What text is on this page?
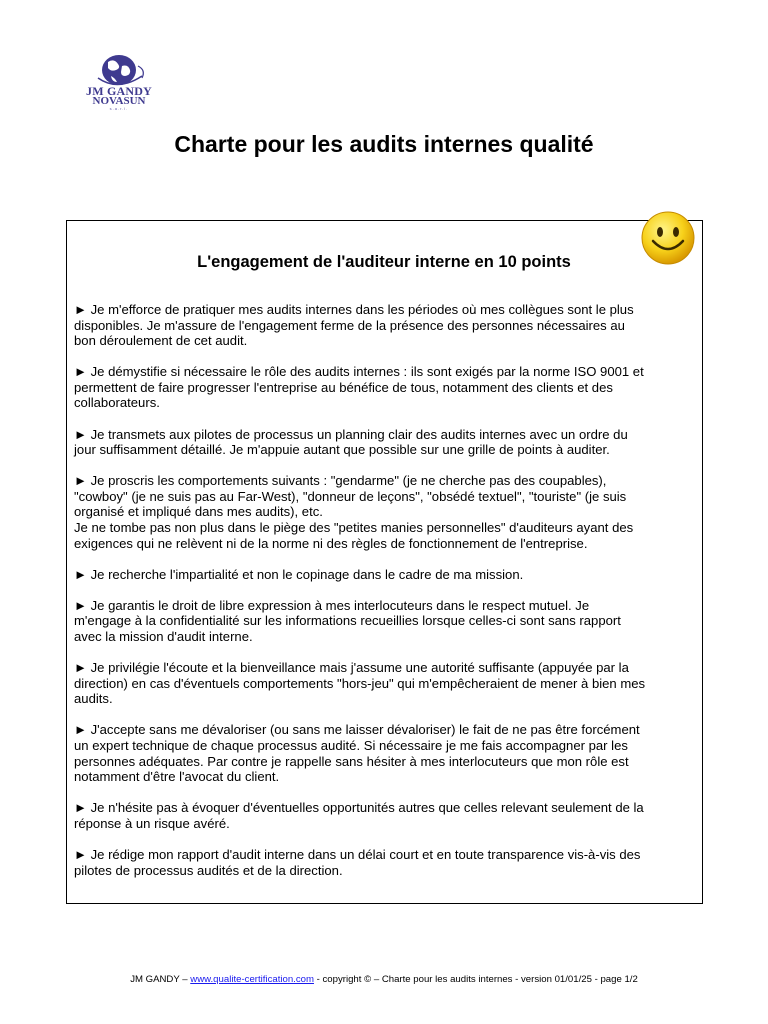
JM GANDY
NOVASUN
s.a.r.l.
Charte pour les audits internes qualité
L'engagement de l'auditeur interne en 10 points
► Je m'efforce de pratiquer mes audits internes dans les périodes où mes collègues sont le plus
disponibles. Je m'assure de l'engagement ferme de la présence des personnes nécessaires au
bon déroulement de cet audit.
► Je démystifie si nécessaire le rôle des audits internes : ils sont exigés par la norme ISO 9001 et
permettent de faire progresser l'entreprise au bénéfice de tous, notamment des clients et des
collaborateurs.
► Je transmets aux pilotes de processus un planning clair des audits internes avec un ordre du
jour suffisamment détaillé. Je m'appuie autant que possible sur une grille de points à auditer.
► Je proscris les comportements suivants : "gendarme" (je ne cherche pas des coupables),
"cowboy" (je ne suis pas au Far-West), "donneur de leçons", "obsédé textuel", "touriste" (je suis
organisé et impliqué dans mes audits), etc.
Je ne tombe pas non plus dans le piège des "petites manies personnelles" d'auditeurs ayant des
exigences qui ne relèvent ni de la norme ni des règles de fonctionnement de l'entreprise.
► Je recherche l'impartialité et non le copinage dans le cadre de ma mission.
► Je garantis le droit de libre expression à mes interlocuteurs dans le respect mutuel. Je
m'engage à la confidentialité sur les informations recueillies lorsque celles-ci sont sans rapport
avec la mission d'audit interne.
► Je privilégie l'écoute et la bienveillance mais j'assume une autorité suffisante (appuyée par la
direction) en cas d'éventuels comportements "hors-jeu" qui m'empêcheraient de mener à bien mes
audits.
► J'accepte sans me dévaloriser (ou sans me laisser dévaloriser) le fait de ne pas être forcément
un expert technique de chaque processus audité. Si nécessaire je me fais accompagner par les
personnes adéquates. Par contre je rappelle sans hésiter à mes interlocuteurs que mon rôle est
notamment d'être l'avocat du client.
► Je n'hésite pas à évoquer d'éventuelles opportunités autres que celles relevant seulement de la
réponse à un risque avéré.
► Je rédige mon rapport d'audit interne dans un délai court et en toute transparence vis-à-vis des
pilotes de processus audités et de la direction.
JM GANDY – www.qualite-certification.com - copyright © – Charte pour les audits internes - version 01/01/25 - page 1/2
